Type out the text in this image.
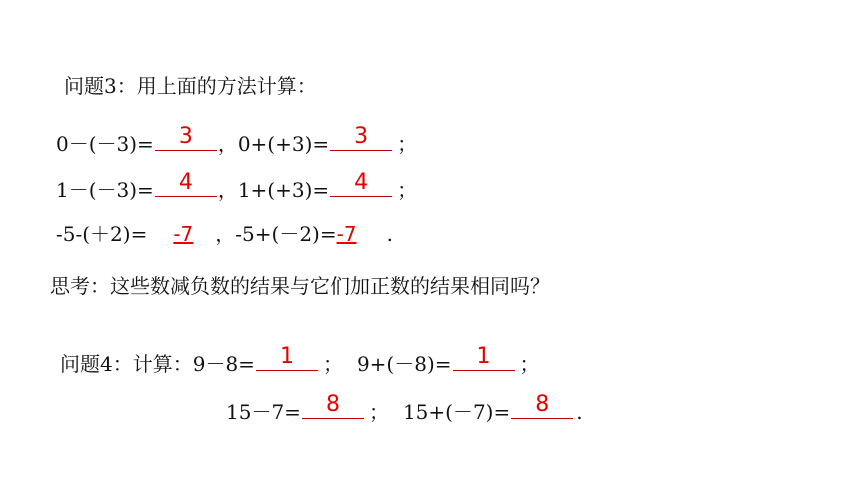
问题3：用上面的方法计算：
0－(－3)=	3	，0+(+3)=	3	；
1－(－3)=	4	，1+(+3)=	4	；
-5-(＋2)= -7 ，-5+(－2)=-7 .
思考：这些数减负数的结果与它们加正数的结果相同吗？
问题4：计算：9－8=	1	； 9+(－8)=	1	；
15－7=	8	； 15+(－7)=	8	.
